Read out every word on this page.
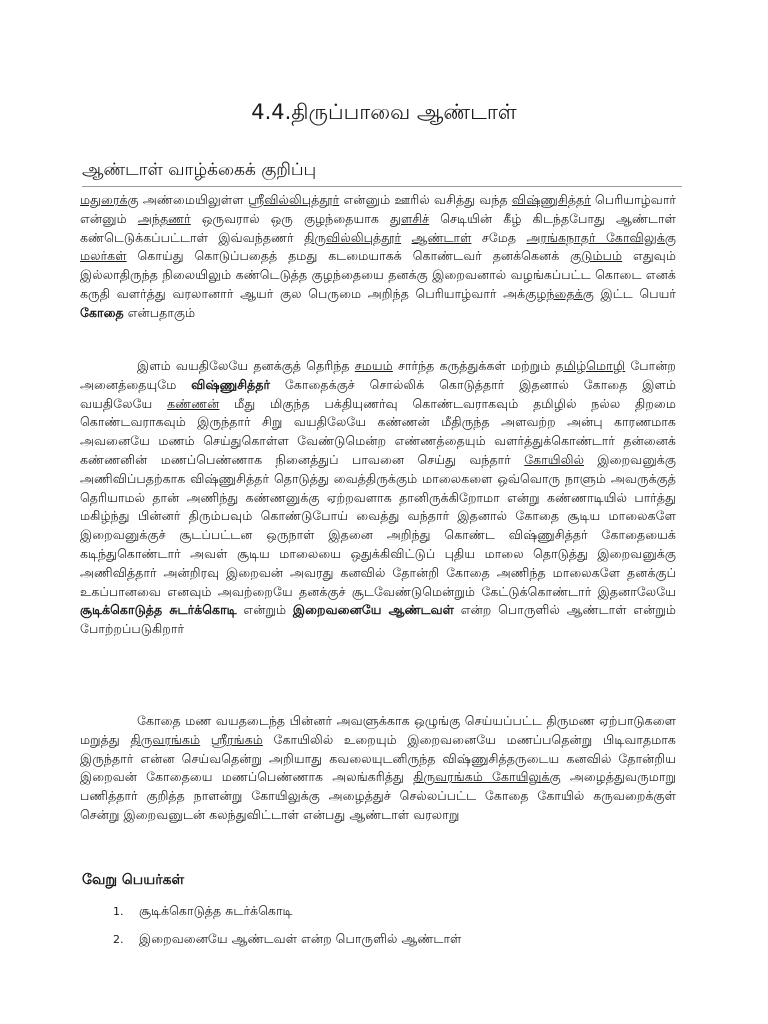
4.4.திருப்பாவை ஆண்டாள்
ஆண்டாள் வாழ்க்கைக் குறிப்பு

மதுரைக்கு அண்மையிலுள்ள ஸ்ரீவில்லிபுத்தூர் என்னும் ஊரில் வசித்து வந்த விஷ்ணுசித்தர் பெரியாழ்வார் என்னும் அந்தணர் ஒருவரால் ஒரு குழந்தையாக துளசிச் செடியின் கீழ் கிடந்தபோது ஆண்டாள் கண்டெடுக்கப்பட்டாள் இவ்வந்தணர் திருவில்லிபுத்தூர் ஆண்டாள் சமேத அரங்கநாதர் கோவிலுக்கு மலர்கள் கொய்து கொடுப்பதைத் தமது கடமையாகக் கொண்டவர் தனக்கெனக் குடும்பம் எதுவும் இல்லாதிருந்த நிலையிலும் கண்டெடுத்த குழந்தையை தனக்கு இறைவனால் வழங்கப்பட்ட கொடை எனக் கருதி வளர்த்து வரலானார் ஆயர் குல பெருமை அறிந்த பெரியாழ்வார் அக்குழந்தைக்கு இட்ட பெயர் கோதை என்பதாகும்

இளம் வயதிலேயே தனக்குத் தெரிந்த சமயம் சார்ந்த கருத்துக்கள் மற்றும் தமிழ்மொழி போன்ற அனைத்தையுமே விஷ்ணுசித்தர் கோதைக்குச் சொல்லிக் கொடுத்தார் இதனால் கோதை இளம் வயதிலேயே கண்ணன் மீது மிகுந்த பக்தியுணர்வு கொண்டவராகவும் தமிழில் நல்ல திறமை கொண்டவராகவும் இருந்தார் சிறு வயதிலேயே கண்ணன் மீதிருந்த அளவற்ற அன்பு காரணமாக அவனையே மணம் செய்துகொள்ள வேண்டுமென்ற எண்ணத்தையும் வளர்த்துக்கொண்டார் தன்னைக் கண்ணனின் மணப்பெண்ணாக நினைத்துப் பாவனை செய்து வந்தார் கோயிலில் இறைவனுக்கு அணிவிப்பதற்காக விஷ்ணுசித்தர் தொடுத்து வைத்திருக்கும் மாலைகளை ஒவ்வொரு நாளும் அவருக்குத் தெரியாமல் தான் அணிந்து கண்ணனுக்கு ஏற்றவளாக தானிருக்கிறோமா என்று கண்ணாடியில் பார்த்து மகிழ்ந்து பின்னர் திரும்பவும் கொண்டுபோய் வைத்து வந்தார் இதனால் கோதை சூடிய மாலைகளே இறைவனுக்குச் சூடப்பட்டன ஒருநாள் இதனை அறிந்து கொண்ட விஷ்ணுசித்தர் கோதையைக் கடிந்துகொண்டார் அவள் சூடிய மாலையை ஒதுக்கிவிட்டுப் புதிய மாலை தொடுத்து இறைவனுக்கு அணிவித்தார் அன்றிரவு இறைவன் அவரது கனவில் தோன்றி கோதை அணிந்த மாலைகளே தனக்குப் உகப்பானவை எனவும் அவற்றையே தனக்குச் சூடவேண்டுமென்றும் கேட்டுக்கொண்டார் இதனாலேயே சூடிக்கொடுத்த சுடர்க்கொடி என்றும் இறைவனையே ஆண்டவள் என்ற பொருளில் ஆண்டாள் என்றும் போற்றப்படுகிறார்

கோதை மண வயதடைந்த பின்னர் அவளுக்காக ஒழுங்கு செய்யப்பட்ட திருமண ஏற்பாடுகளை மறுத்து திருவரங்கம் ஸ்ரீரங்கம் கோயிலில் உறையும் இறைவனையே மணப்பதென்று பிடிவாதமாக இருந்தார் என்ன செய்வதென்று அறியாது கவலையுடனிருந்த விஷ்ணுசித்தருடைய கனவில் தோன்றிய இறைவன் கோதையை மணப்பெண்ணாக அலங்கரித்து திருவரங்கம் கோயிலுக்கு அழைத்துவருமாறு பணித்தார் குறித்த நாளன்று கோயிலுக்கு அழைத்துச் செல்லப்பட்ட கோதை கோயில் கருவறைக்குள் சென்று இறைவனுடன் கலந்துவிட்டாள் என்பது ஆண்டாள் வரலாறு

வேறு பெயர்கள்
1.	சூடிக்கொடுத்த சுடர்க்கொடி
2.	இறைவனையே ஆண்டவள் என்ற பொருளில் ஆண்டாள்
